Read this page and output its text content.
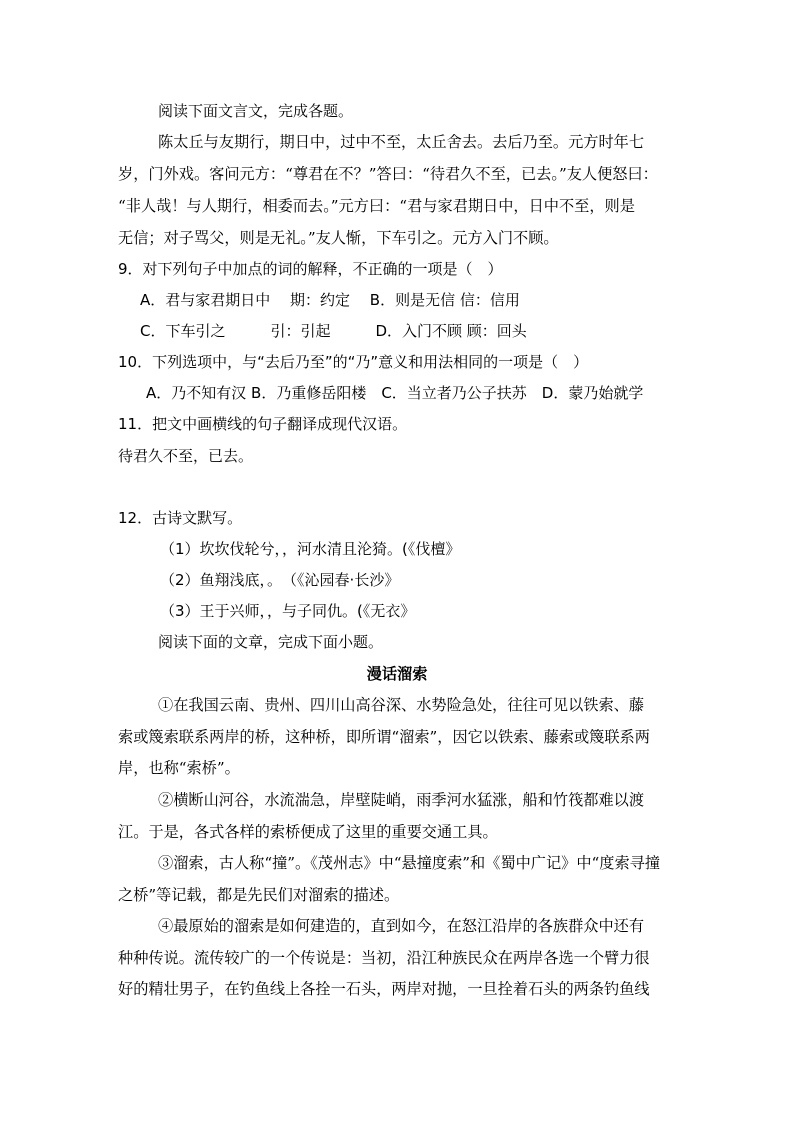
阅读下面文言文，完成各题。
陈太丘与友期行，期日中，过中不至，太丘舍去。去后乃至。元方时年七
岁，门外戏。客问元方：“尊君在不？”答曰：“待君久不至，已去。”友人便怒曰：
“非人哉！与人期行，相委而去。”元方曰：“君与家君期日中，日中不至，则是
无信；对子骂父，则是无礼。”友人惭，下车引之。元方入门不顾。
9．对下列句子中加点的词的解释，不正确的一项是（　）
A．君与家君期日中　 期：约定　 B．则是无信 信：信用
C．下车引之　　　引：引起　　　D．入门不顾 顾：回头
10．下列选项中，与“去后乃至”的“乃”意义和用法相同的一项是（　）
A．乃不知有汉 B．乃重修岳阳楼　C．当立者乃公子扶苏　D．蒙乃始就学
11．把文中画横线的句子翻译成现代汉语。
待君久不至，已去。
12．古诗文默写。
（1）坎坎伐轮兮，，河水清且沦猗。(《伐檀》
（2）鱼翔浅底，。　（《沁园春·长沙》
（3）王于兴师，，与子同仇。(《无衣》
阅读下面的文章，完成下面小题。
漫话溜索
①在我国云南、贵州、四川山高谷深、水势险急处，往往可见以铁索、藤
索或篾索联系两岸的桥，这种桥，即所谓“溜索”，因它以铁索、藤索或篾联系两
岸，也称“索桥”。
②横断山河谷，水流湍急，岸壁陡峭，雨季河水猛涨，船和竹筏都难以渡
江。于是，各式各样的索桥便成了这里的重要交通工具。
③溜索，古人称“撞”。《茂州志》中“悬撞度索”和《蜀中广记》中“度索寻撞
之桥”等记载，都是先民们对溜索的描述。
④最原始的溜索是如何建造的，直到如今，在怒江沿岸的各族群众中还有
种种传说。流传较广的一个传说是：当初，沿江种族民众在两岸各选一个臂力很
好的精壮男子，在钓鱼线上各拴一石头，两岸对抛，一旦拴着石头的两条钓鱼线
